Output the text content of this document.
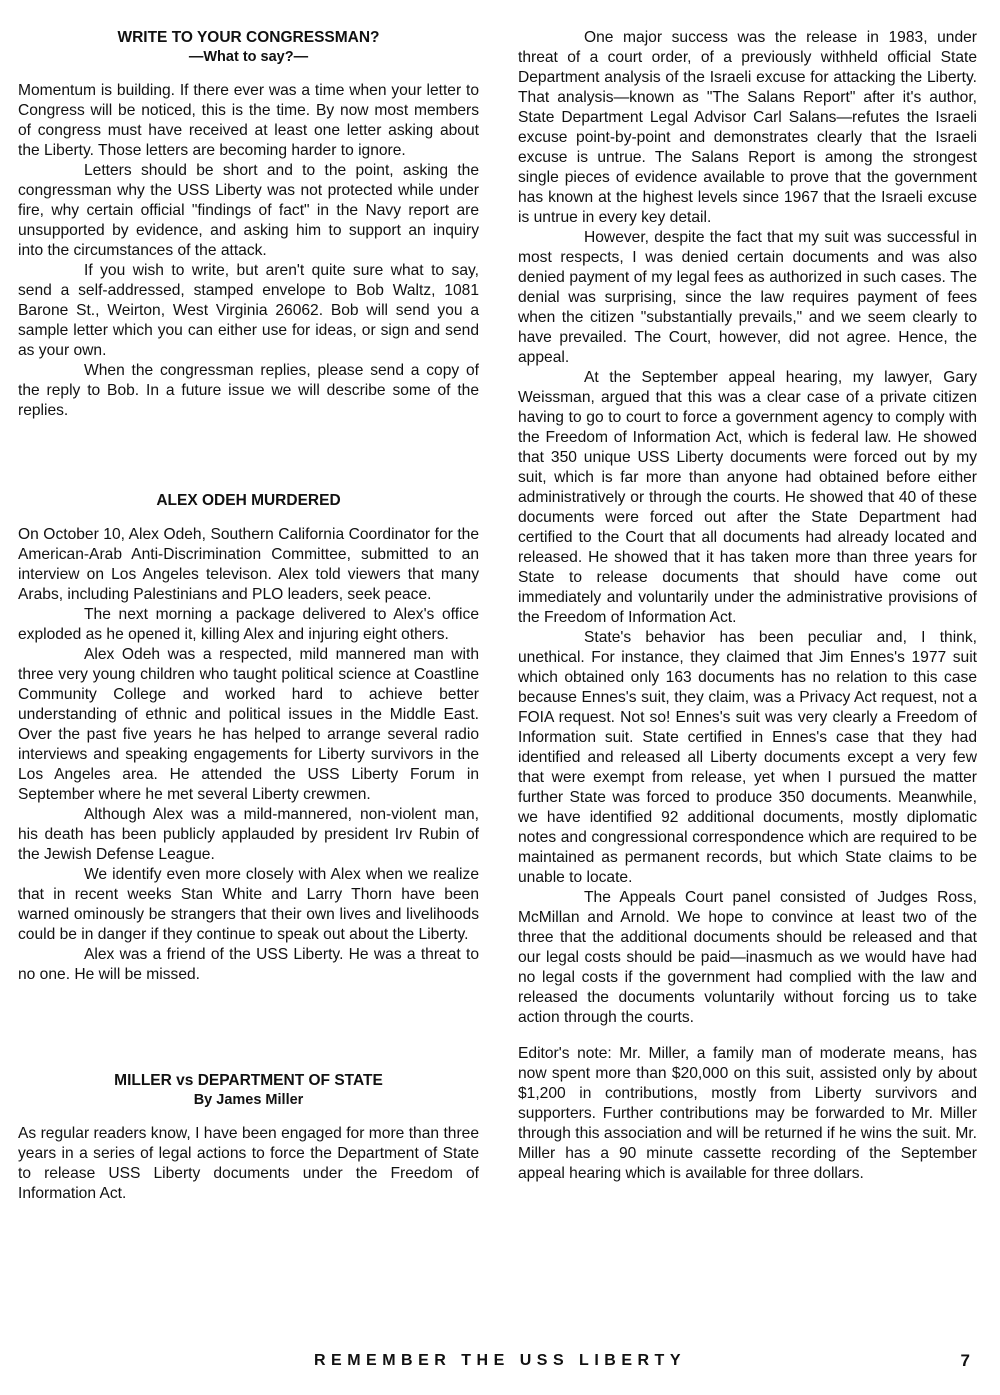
WRITE TO YOUR CONGRESSMAN?
—What to say?—

Momentum is building. If there ever was a time when your letter to Congress will be noticed, this is the time. By now most members of congress must have received at least one letter asking about the Liberty. Those letters are becoming harder to ignore.

Letters should be short and to the point, asking the congressman why the USS Liberty was not protected while under fire, why certain official "findings of fact" in the Navy report are unsupported by evidence, and asking him to support an inquiry into the circumstances of the attack.

If you wish to write, but aren't quite sure what to say, send a self-addressed, stamped envelope to Bob Waltz, 1081 Barone St., Weirton, West Virginia 26062. Bob will send you a sample letter which you can either use for ideas, or sign and send as your own.

When the congressman replies, please send a copy of the reply to Bob. In a future issue we will describe some of the replies.

ALEX ODEH MURDERED

On October 10, Alex Odeh, Southern California Coordinator for the American-Arab Anti-Discrimination Committee, submitted to an interview on Los Angeles televison. Alex told viewers that many Arabs, including Palestinians and PLO leaders, seek peace.

The next morning a package delivered to Alex's office exploded as he opened it, killing Alex and injuring eight others.

Alex Odeh was a respected, mild mannered man with three very young children who taught political science at Coastline Community College and worked hard to achieve better understanding of ethnic and political issues in the Middle East. Over the past five years he has helped to arrange several radio interviews and speaking engagements for Liberty survivors in the Los Angeles area. He attended the USS Liberty Forum in September where he met several Liberty crewmen.

Although Alex was a mild-mannered, non-violent man, his death has been publicly applauded by president Irv Rubin of the Jewish Defense League.

We identify even more closely with Alex when we realize that in recent weeks Stan White and Larry Thorn have been warned ominously be strangers that their own lives and livelihoods could be in danger if they continue to speak out about the Liberty.

Alex was a friend of the USS Liberty. He was a threat to no one. He will be missed.

MILLER vs DEPARTMENT OF STATE
By James Miller

As regular readers know, I have been engaged for more than three years in a series of legal actions to force the Department of State to release USS Liberty documents under the Freedom of Information Act.

One major success was the release in 1983, under threat of a court order, of a previously withheld official State Department analysis of the Israeli excuse for attacking the Liberty. That analysis—known as "The Salans Report" after it's author, State Department Legal Advisor Carl Salans—refutes the Israeli excuse point-by-point and demonstrates clearly that the Israeli excuse is untrue. The Salans Report is among the strongest single pieces of evidence available to prove that the government has known at the highest levels since 1967 that the Israeli excuse is untrue in every key detail.

However, despite the fact that my suit was successful in most respects, I was denied certain documents and was also denied payment of my legal fees as authorized in such cases. The denial was surprising, since the law requires payment of fees when the citizen "substantially prevails," and we seem clearly to have prevailed. The Court, however, did not agree. Hence, the appeal.

At the September appeal hearing, my lawyer, Gary Weissman, argued that this was a clear case of a private citizen having to go to court to force a government agency to comply with the Freedom of Information Act, which is federal law. He showed that 350 unique USS Liberty documents were forced out by my suit, which is far more than anyone had obtained before either administratively or through the courts. He showed that 40 of these documents were forced out after the State Department had certified to the Court that all documents had already located and released. He showed that it has taken more than three years for State to release documents that should have come out immediately and voluntarily under the administrative provisions of the Freedom of Information Act.

State's behavior has been peculiar and, I think, unethical. For instance, they claimed that Jim Ennes's 1977 suit which obtained only 163 documents has no relation to this case because Ennes's suit, they claim, was a Privacy Act request, not a FOIA request. Not so! Ennes's suit was very clearly a Freedom of Information suit. State certified in Ennes's case that they had identified and released all Liberty documents except a very few that were exempt from release, yet when I pursued the matter further State was forced to produce 350 documents. Meanwhile, we have identified 92 additional documents, mostly diplomatic notes and congressional correspondence which are required to be maintained as permanent records, but which State claims to be unable to locate.

The Appeals Court panel consisted of Judges Ross, McMillan and Arnold. We hope to convince at least two of the three that the additional documents should be released and that our legal costs should be paid—inasmuch as we would have had no legal costs if the government had complied with the law and released the documents voluntarily without forcing us to take action through the courts.

Editor's note: Mr. Miller, a family man of moderate means, has now spent more than $20,000 on this suit, assisted only by about $1,200 in contributions, mostly from Liberty survivors and supporters. Further contributions may be forwarded to Mr. Miller through this association and will be returned if he wins the suit. Mr. Miller has a 90 minute cassette recording of the September appeal hearing which is available for three dollars.

REMEMBER THE USS LIBERTY	7
